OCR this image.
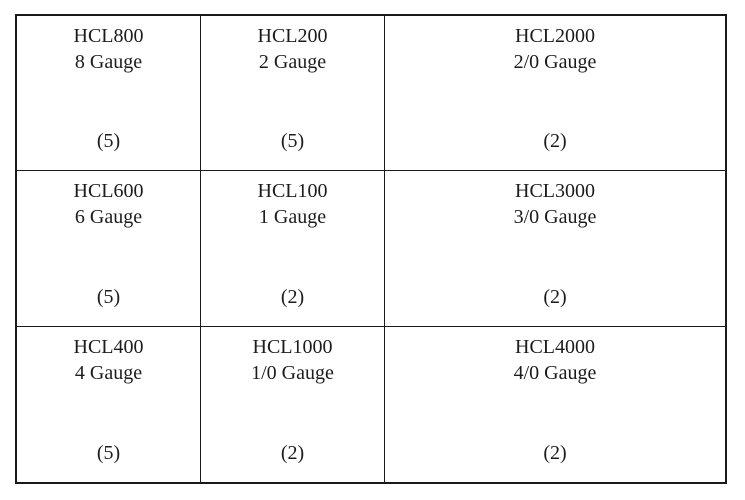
HCL800
8 Gauge
(5)
HCL200
2 Gauge
(5)
HCL2000
2/0 Gauge
(2)
HCL600
6 Gauge
(5)
HCL100
1 Gauge
(2)
HCL3000
3/0 Gauge
(2)
HCL400
4 Gauge
(5)
HCL1000
1/0 Gauge
(2)
HCL4000
4/0 Gauge
(2)
